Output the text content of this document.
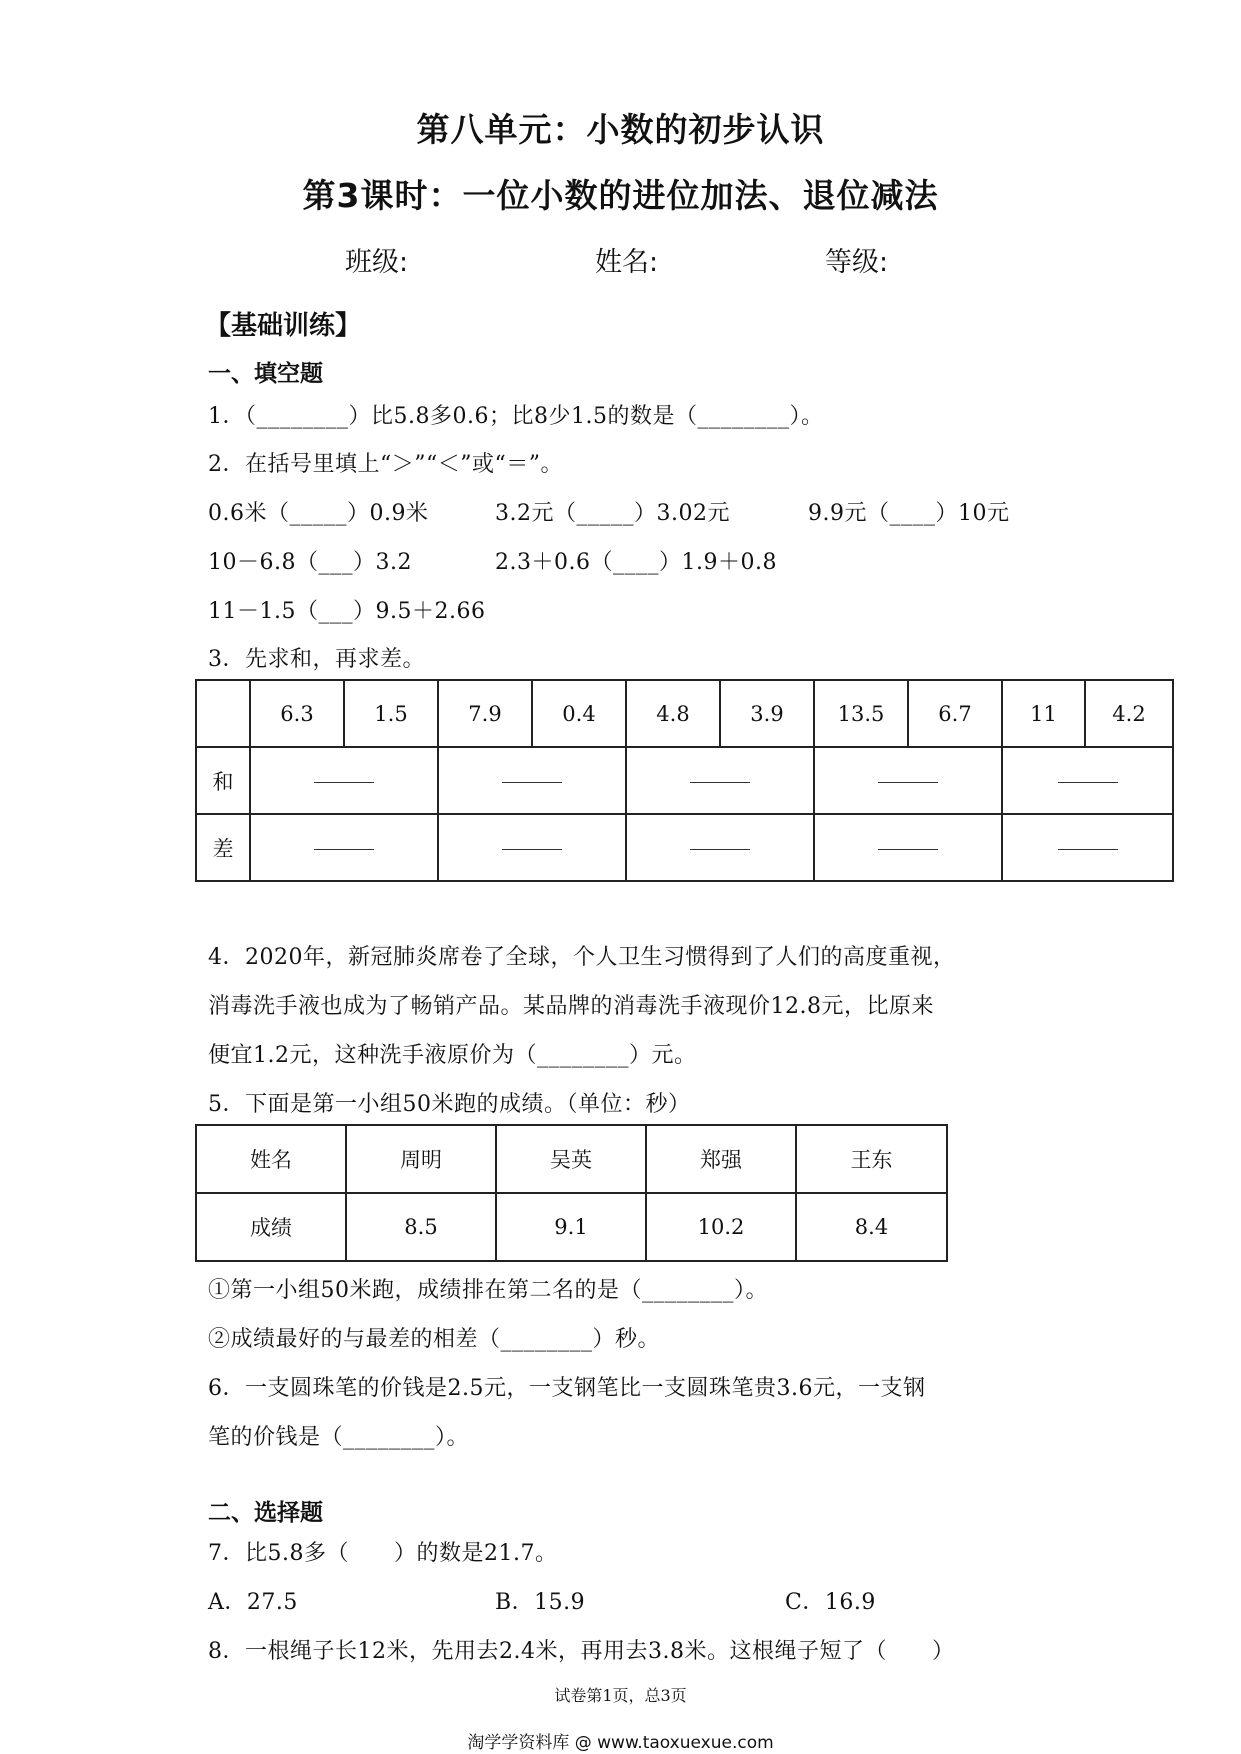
第八单元：小数的初步认识
第3课时：一位小数的进位加法、退位减法
班级:	姓名:	等级:
【基础训练】
一、填空题
1．（________）比5.8多0.6；比8少1.5的数是（________）。
2．在括号里填上“＞”“＜”或“＝”。
0.6米（_____）0.9米	3.2元（_____）3.02元	9.9元（____）10元
10－6.8（___）3.2	2.3＋0.6（____）1.9＋0.8
11－1.5（___）9.5＋2.66
3．先求和，再求差。
	6.3	1.5	7.9	0.4	4.8	3.9	13.5	6.7	11	4.2
和										
差										
4．2020年，新冠肺炎席卷了全球，个人卫生习惯得到了人们的高度重视，
消毒洗手液也成为了畅销产品。某品牌的消毒洗手液现价12.8元，比原来
便宜1.2元，这种洗手液原价为（________）元。
5．下面是第一小组50米跑的成绩。（单位：秒）
姓名	周明	吴英	郑强	王东
成绩	8.5	9.1	10.2	8.4
①第一小组50米跑，成绩排在第二名的是（________）。
②成绩最好的与最差的相差（________）秒。
6．一支圆珠笔的价钱是2.5元，一支钢笔比一支圆珠笔贵3.6元，一支钢
笔的价钱是（________）。
二、选择题
7．比5.8多（　　）的数是21.7。
A．27.5	B．15.9	C．16.9
8．一根绳子长12米，先用去2.4米，再用去3.8米。这根绳子短了（　　）
试卷第1页，总3页
淘学学资料库 @ www.taoxuexue.com
